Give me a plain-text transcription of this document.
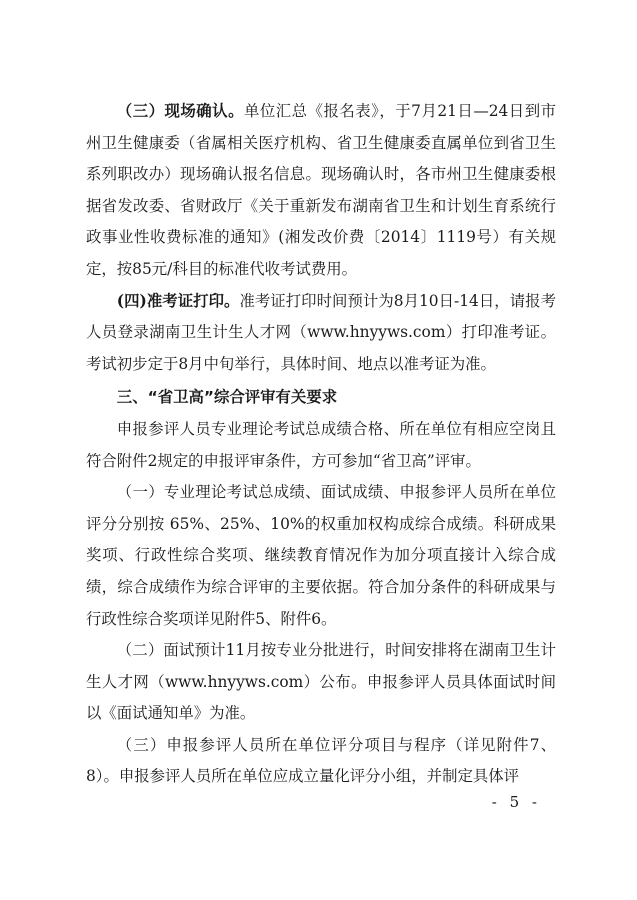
（三）现场确认。单位汇总《报名表》，于7月21日—24日到市州卫生健康委（省属相关医疗机构、省卫生健康委直属单位到省卫生系列职改办）现场确认报名信息。现场确认时，各市州卫生健康委根据省发改委、省财政厅《关于重新发布湖南省卫生和计划生育系统行政事业性收费标准的通知》(湘发改价费〔2014〕1119号）有关规定，按85元/科目的标准代收考试费用。

(四)准考证打印。准考证打印时间预计为8月10日-14日，请报考人员登录湖南卫生计生人才网（www.hnyyws.com）打印准考证。考试初步定于8月中旬举行，具体时间、地点以准考证为准。

三、“省卫高”综合评审有关要求

申报参评人员专业理论考试总成绩合格、所在单位有相应空岗且符合附件2规定的申报评审条件，方可参加“省卫高”评审。

（一）专业理论考试总成绩、面试成绩、申报参评人员所在单位评分分别按 65%、25%、10%的权重加权构成综合成绩。科研成果奖项、行政性综合奖项、继续教育情况作为加分项直接计入综合成绩，综合成绩作为综合评审的主要依据。符合加分条件的科研成果与行政性综合奖项详见附件5、附件6。

（二）面试预计11月按专业分批进行，时间安排将在湖南卫生计生人才网（www.hnyyws.com）公布。申报参评人员具体面试时间以《面试通知单》为准。

（三）申报参评人员所在单位评分项目与程序（详见附件7、8）。申报参评人员所在单位应成立量化评分小组，并制定具体评

- 5 -
